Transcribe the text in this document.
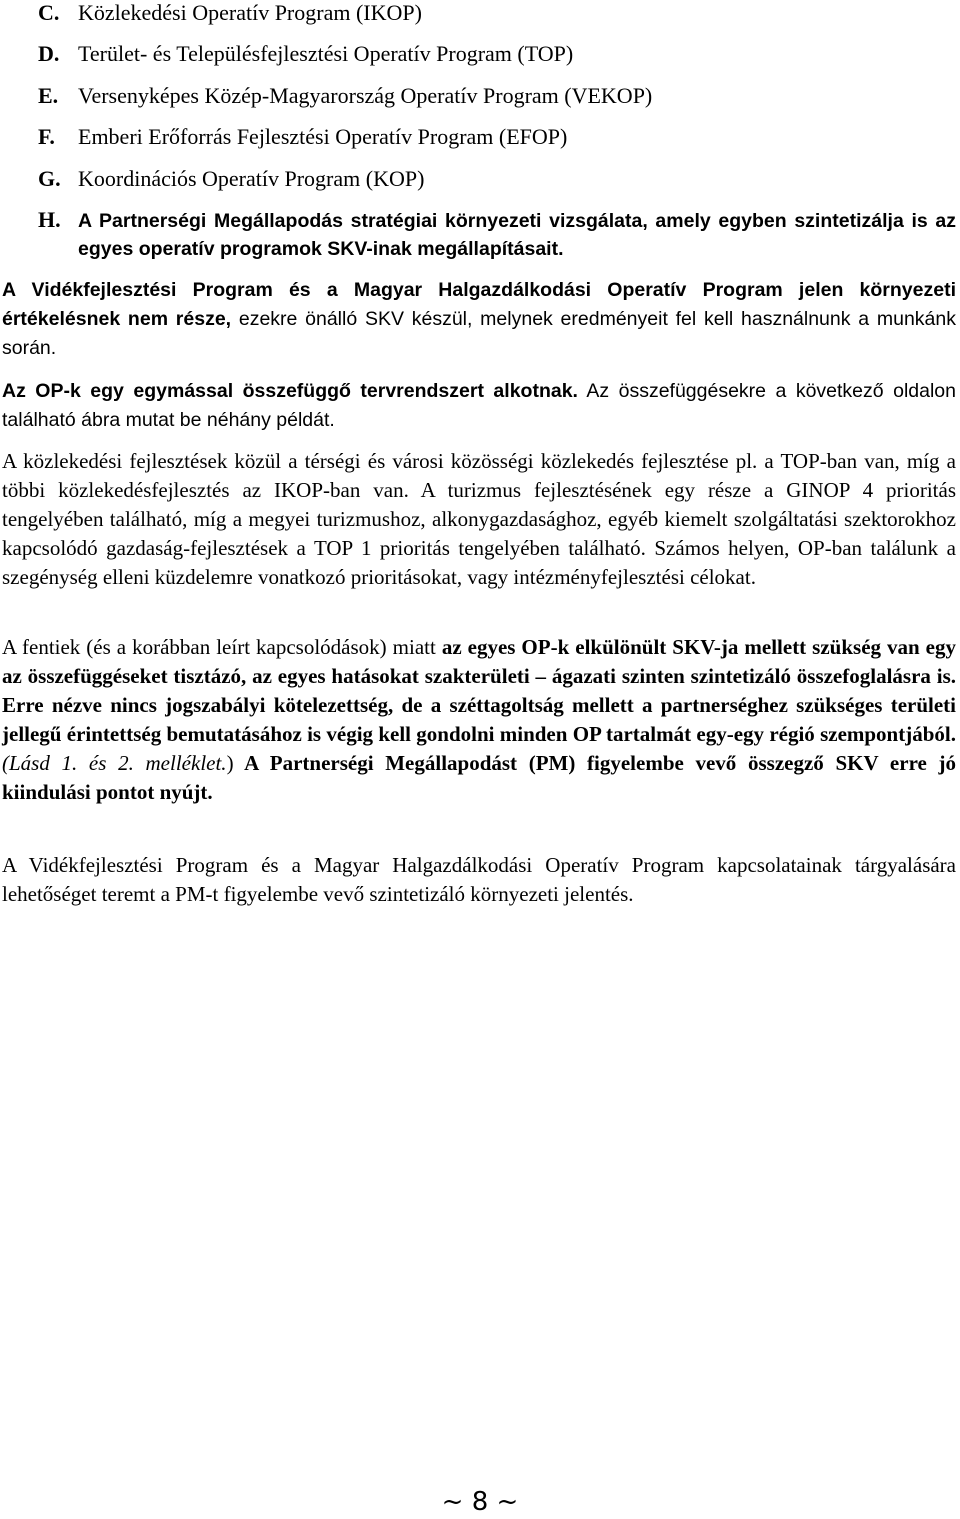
C. Közlekedési Operatív Program (IKOP)
D. Terület- és Településfejlesztési Operatív Program (TOP)
E. Versenyképes Közép-Magyarország Operatív Program (VEKOP)
F. Emberi Erőforrás Fejlesztési Operatív Program (EFOP)
G. Koordinációs Operatív Program (KOP)
H. A Partnerségi Megállapodás stratégiai környezeti vizsgálata, amely egyben szintetizálja is az egyes operatív programok SKV-inak megállapításait.

A Vidékfejlesztési Program és a Magyar Halgazdálkodási Operatív Program jelen környezeti értékelésnek nem része, ezekre önálló SKV készül, melynek eredményeit fel kell használnunk a munkánk során.

Az OP-k egy egymással összefüggő tervrendszert alkotnak. Az összefüggésekre a következő oldalon található ábra mutat be néhány példát.

A közlekedési fejlesztések közül a térségi és városi közösségi közlekedés fejlesztése pl. a TOP-ban van, míg a többi közlekedésfejlesztés az IKOP-ban van. A turizmus fejlesztésének egy része a GINOP 4 prioritás tengelyében található, míg a megyei turizmushoz, alkonygazdasághoz, egyéb kiemelt szolgáltatási szektorokhoz kapcsolódó gazdaság-fejlesztések a TOP 1 prioritás tengelyében található. Számos helyen, OP-ban találunk a szegénység elleni küzdelemre vonatkozó prioritásokat, vagy intézményfejlesztési célokat.

A fentiek (és a korábban leírt kapcsolódások) miatt az egyes OP-k elkülönült SKV-ja mellett szükség van egy az összefüggéseket tisztázó, az egyes hatásokat szakterületi – ágazati szinten szintetizáló összefoglalásra is. Erre nézve nincs jogszabályi kötelezettség, de a széttagoltság mellett a partnerséghez szükséges területi jellegű érintettség bemutatásához is végig kell gondolni minden OP tartalmát egy-egy régió szempontjából. (Lásd 1. és 2. melléklet.) A Partnerségi Megállapodást (PM) figyelembe vevő összegző SKV erre jó kiindulási pontot nyújt.

A Vidékfejlesztési Program és a Magyar Halgazdálkodási Operatív Program kapcsolatainak tárgyalására lehetőséget teremt a PM-t figyelembe vevő szintetizáló környezeti jelentés.

~ 8 ~
